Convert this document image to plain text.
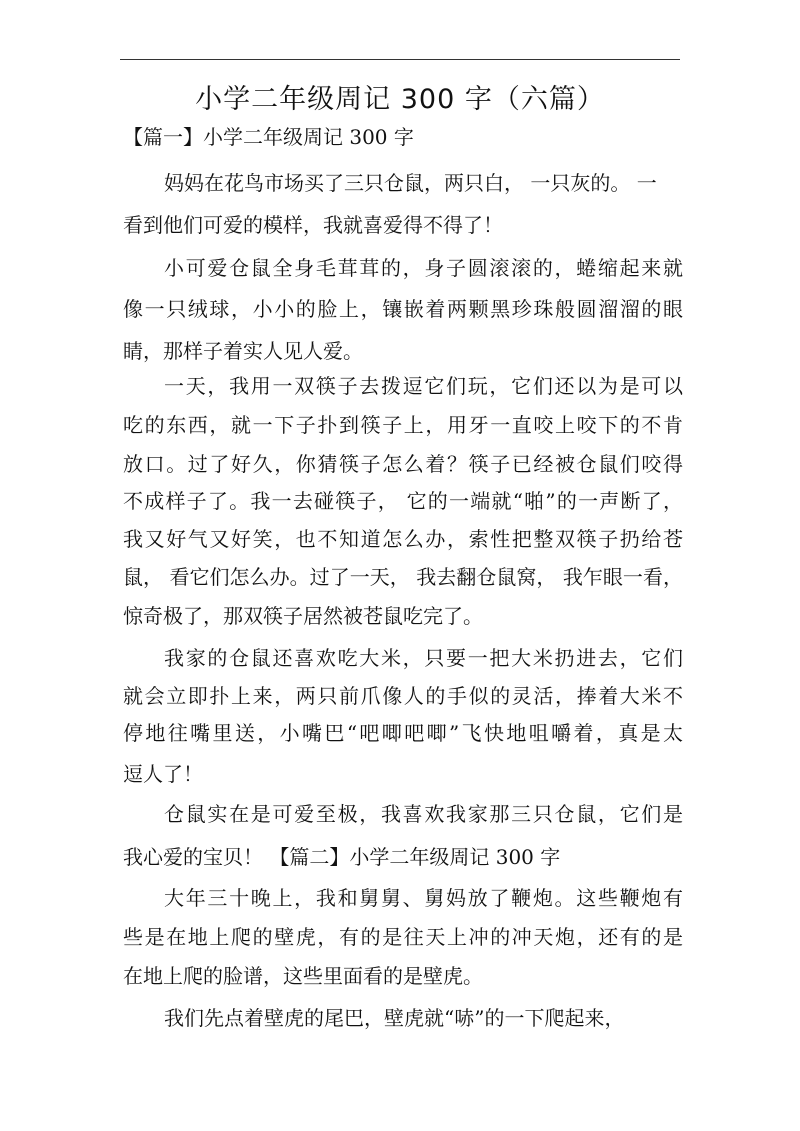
小学二年级周记 300 字（六篇）
【篇一】小学二年级周记 300 字
妈妈在花鸟市场买了三只仓鼠，两只白， 一只灰的。 一
看到他们可爱的模样，我就喜爱得不得了！
小可爱仓鼠全身毛茸茸的，身子圆滚滚的，蜷缩起来就
像一只绒球，小小的脸上，镶嵌着两颗黑珍珠般圆溜溜的眼
睛，那样子着实人见人爱。
一天，我用一双筷子去拨逗它们玩，它们还以为是可以
吃的东西，就一下子扑到筷子上，用牙一直咬上咬下的不肯
放口。过了好久，你猜筷子怎么着？筷子已经被仓鼠们咬得
不成样子了。我一去碰筷子， 它的一端就“啪”的一声断了，
我又好气又好笑，也不知道怎么办，索性把整双筷子扔给苍
鼠， 看它们怎么办。过了一天， 我去翻仓鼠窝， 我乍眼一看，
惊奇极了，那双筷子居然被苍鼠吃完了。
我家的仓鼠还喜欢吃大米，只要一把大米扔进去，它们
就会立即扑上来，两只前爪像人的手似的灵活，捧着大米不
停地往嘴里送，小嘴巴“吧唧吧唧”飞快地咀嚼着，真是太
逗人了！
仓鼠实在是可爱至极，我喜欢我家那三只仓鼠，它们是
我心爱的宝贝！ 【篇二】小学二年级周记 300 字
大年三十晚上，我和舅舅、舅妈放了鞭炮。这些鞭炮有
些是在地上爬的壁虎，有的是往天上冲的冲天炮，还有的是
在地上爬的脸谱，这些里面看的是壁虎。
我们先点着壁虎的尾巴，壁虎就“哧”的一下爬起来，
